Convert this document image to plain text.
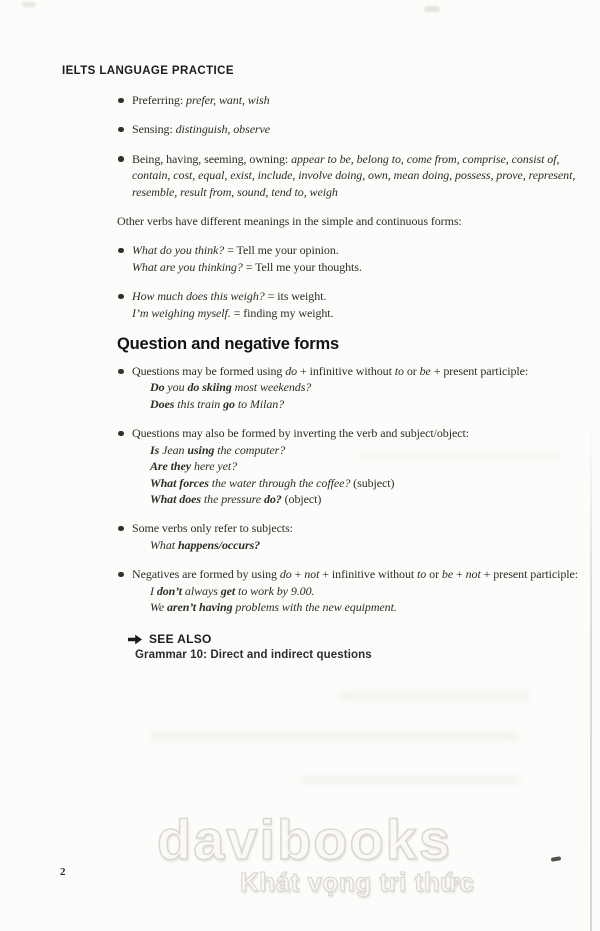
IELTS LANGUAGE PRACTICE
Preferring: prefer, want, wish
Sensing: distinguish, observe
Being, having, seeming, owning: appear to be, belong to, come from, comprise, consist of, contain, cost, equal, exist, include, involve doing, own, mean doing, possess, prove, represent, resemble, result from, sound, tend to, weigh
Other verbs have different meanings in the simple and continuous forms:
What do you think? = Tell me your opinion.
What are you thinking? = Tell me your thoughts.
How much does this weigh? = its weight.
I’m weighing myself. = finding my weight.
Question and negative forms
Questions may be formed using do + infinitive without to or be + present participle:
Do you do skiing most weekends?
Does this train go to Milan?
Questions may also be formed by inverting the verb and subject/object:
Is Jean using the computer?
Are they here yet?
What forces the water through the coffee? (subject)
What does the pressure do? (object)
Some verbs only refer to subjects:
What happens/occurs?
Negatives are formed by using do + not + infinitive without to or be + not + present participle:
I don’t always get to work by 9.00.
We aren’t having problems with the new equipment.
SEE ALSO
Grammar 10: Direct and indirect questions
davibooks
Khát vọng tri thức
2
